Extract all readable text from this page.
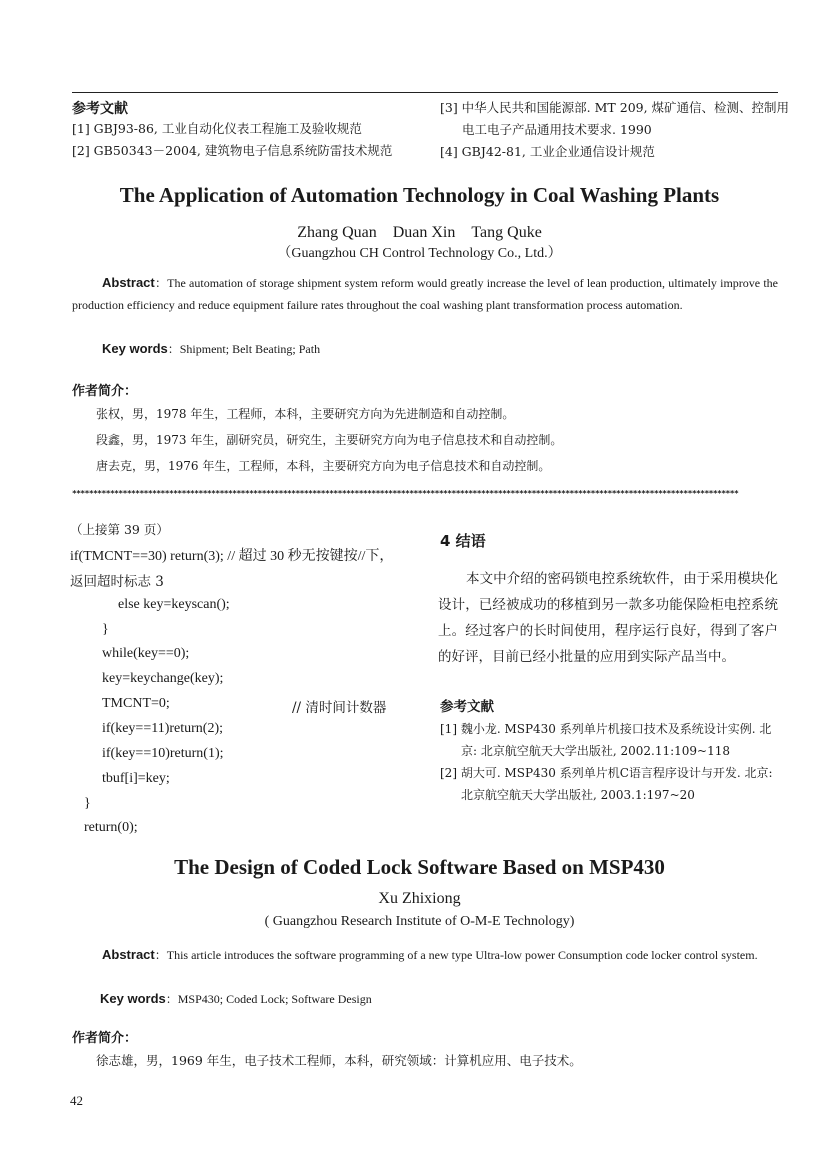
参考文献
[1] GBJ93-86, 工业自动化仪表工程施工及验收规范
[2] GB50343－2004, 建筑物电子信息系统防雷技术规范
[3] 中华人民共和国能源部. MT 209, 煤矿通信、检测、控制用
电工电子产品通用技术要求. 1990
[4] GBJ42-81, 工业企业通信设计规范
The Application of Automation Technology in Coal Washing Plants
Zhang Quan　Duan Xin　Tang Quke
（Guangzhou CH Control Technology Co., Ltd.）
Abstract：The automation of storage shipment system reform would greatly increase the level of lean production, ultimately improve the production efficiency and reduce equipment failure rates throughout the coal washing plant transformation process automation.
Key words：Shipment; Belt Beating; Path
作者简介：
张权，男，1978 年生，工程师，本科，主要研究方向为先进制造和自动控制。
段鑫，男，1973 年生，副研究员，研究生，主要研究方向为电子信息技术和自动控制。
唐去克，男，1976 年生，工程师，本科，主要研究方向为电子信息技术和自动控制。
**************************************************************************************************************************************************************
（上接第 39 页）
if(TMCNT==30) return(3); // 超过 30 秒无按键按//下，
返回超时标志 3
else key=keyscan();
}
while(key==0);
key=keychange(key);
TMCNT=0;	// 清时间计数器
if(key==11)return(2);
if(key==10)return(1);
tbuf[i]=key;
}
return(0);
4 结语
本文中介绍的密码锁电控系统软件，由于采用模块化设计，已经被成功的移植到另一款多功能保险柜电控系统上。经过客户的长时间使用，程序运行良好，得到了客户的好评，目前已经小批量的应用到实际产品当中。
参考文献
[1] 魏小龙. MSP430 系列单片机接口技术及系统设计实例. 北
京: 北京航空航天大学出版社, 2002.11:109~118
[2] 胡大可. MSP430 系列单片机C语言程序设计与开发. 北京:
北京航空航天大学出版社, 2003.1:197~20
The Design of Coded Lock Software Based on MSP430
Xu Zhixiong
( Guangzhou Research Institute of O-M-E Technology)
Abstract：This article introduces the software programming of a new type Ultra-low power Consumption code locker control system.
Key words：MSP430; Coded Lock; Software Design
作者简介：
徐志雄，男，1969 年生，电子技术工程师，本科，研究领域：计算机应用、电子技术。
42
